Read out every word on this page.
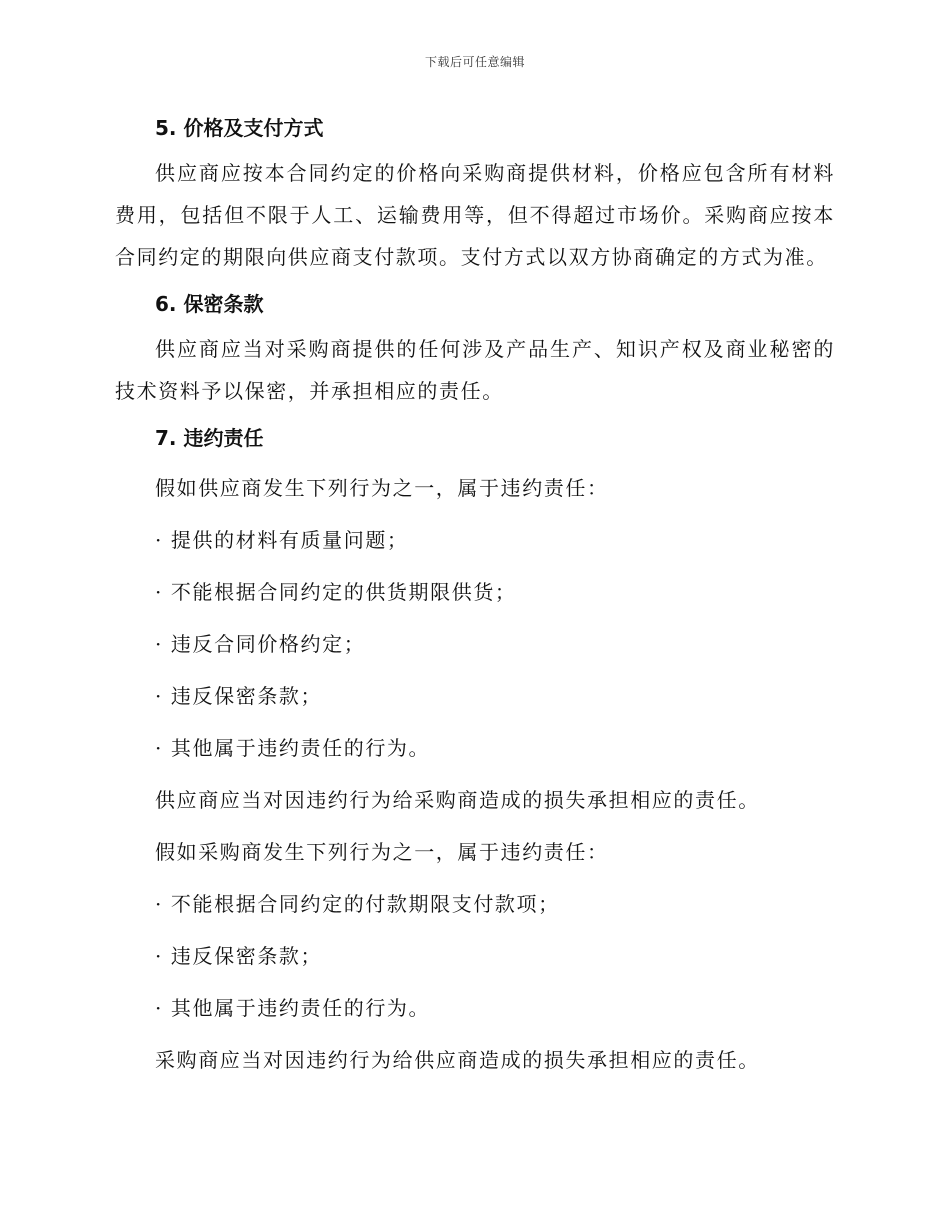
下载后可任意编辑
5. 价格及支付方式

供应商应按本合同约定的价格向采购商提供材料，价格应包含所有材料费用，包括但不限于人工、运输费用等，但不得超过市场价。采购商应按本合同约定的期限向供应商支付款项。支付方式以双方协商确定的方式为准。

6. 保密条款

供应商应当对采购商提供的任何涉及产品生产、知识产权及商业秘密的技术资料予以保密，并承担相应的责任。

7. 违约责任

假如供应商发生下列行为之一，属于违约责任：

· 提供的材料有质量问题；

· 不能根据合同约定的供货期限供货；

· 违反合同价格约定；

· 违反保密条款；

· 其他属于违约责任的行为。

供应商应当对因违约行为给采购商造成的损失承担相应的责任。

假如采购商发生下列行为之一，属于违约责任：

· 不能根据合同约定的付款期限支付款项；

· 违反保密条款；

· 其他属于违约责任的行为。

采购商应当对因违约行为给供应商造成的损失承担相应的责任。
